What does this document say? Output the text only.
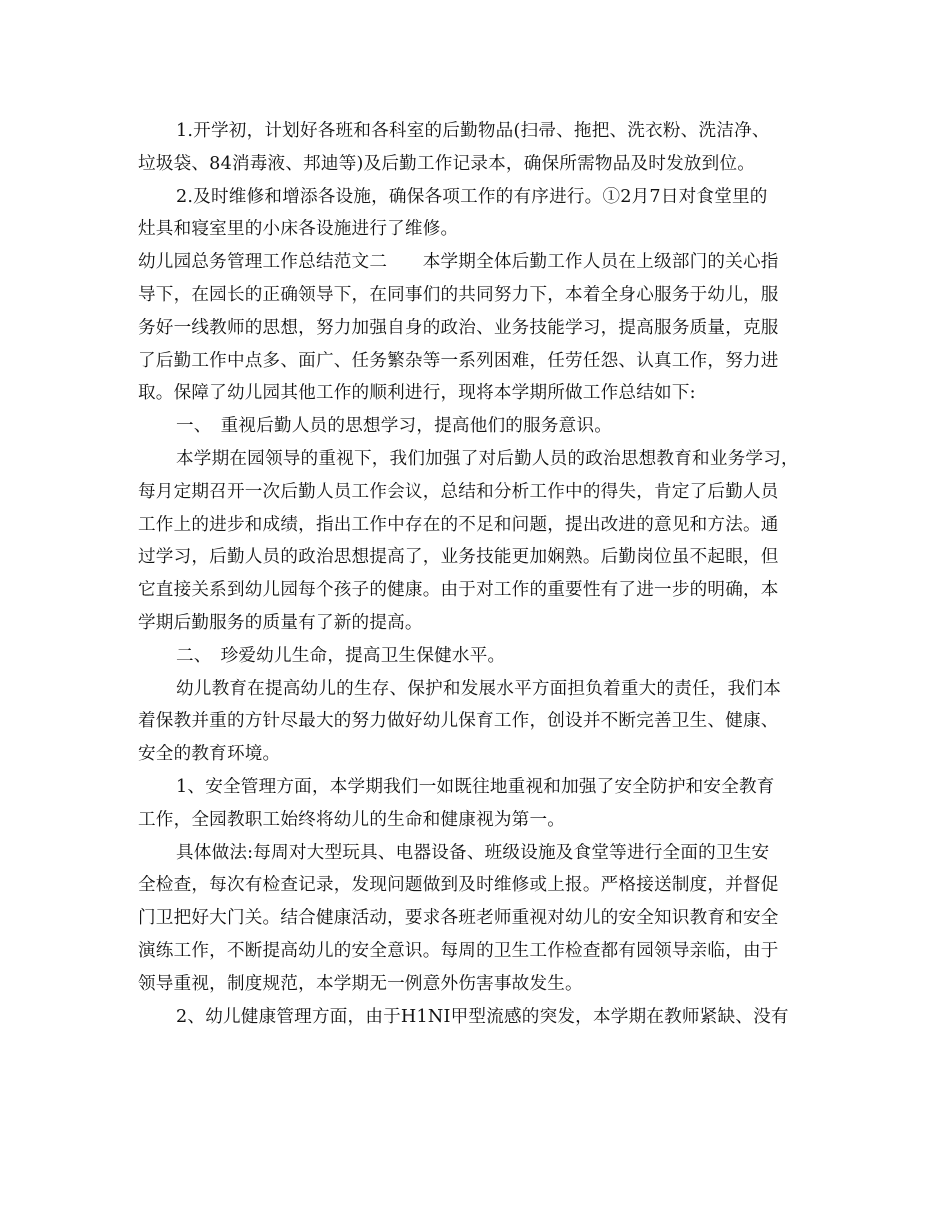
1.开学初，计划好各班和各科室的后勤物品(扫帚、拖把、洗衣粉、洗洁净、
垃圾袋、84消毒液、邦迪等)及后勤工作记录本，确保所需物品及时发放到位。
2.及时维修和增添各设施，确保各项工作的有序进行。①2月7日对食堂里的
灶具和寝室里的小床各设施进行了维修。
幼儿园总务管理工作总结范文二　　本学期全体后勤工作人员在上级部门的关心指
导下，在园长的正确领导下，在同事们的共同努力下，本着全身心服务于幼儿，服
务好一线教师的思想，努力加强自身的政治、业务技能学习，提高服务质量，克服
了后勤工作中点多、面广、任务繁杂等一系列困难，任劳任怨、认真工作，努力进
取。保障了幼儿园其他工作的顺利进行，现将本学期所做工作总结如下:
一、　重视后勤人员的思想学习，提高他们的服务意识。
本学期在园领导的重视下，我们加强了对后勤人员的政治思想教育和业务学习，
每月定期召开一次后勤人员工作会议，总结和分析工作中的得失，肯定了后勤人员
工作上的进步和成绩，指出工作中存在的不足和问题，提出改进的意见和方法。通
过学习，后勤人员的政治思想提高了，业务技能更加娴熟。后勤岗位虽不起眼，但
它直接关系到幼儿园每个孩子的健康。由于对工作的重要性有了进一步的明确，本
学期后勤服务的质量有了新的提高。
二、　珍爱幼儿生命，提高卫生保健水平。
幼儿教育在提高幼儿的生存、保护和发展水平方面担负着重大的责任，我们本
着保教并重的方针尽最大的努力做好幼儿保育工作，创设并不断完善卫生、健康、
安全的教育环境。
1、安全管理方面，本学期我们一如既往地重视和加强了安全防护和安全教育
工作，全园教职工始终将幼儿的生命和健康视为第一。
具体做法:每周对大型玩具、电器设备、班级设施及食堂等进行全面的卫生安
全检查，每次有检查记录，发现问题做到及时维修或上报。严格接送制度，并督促
门卫把好大门关。结合健康活动，要求各班老师重视对幼儿的安全知识教育和安全
演练工作，不断提高幼儿的安全意识。每周的卫生工作检查都有园领导亲临，由于
领导重视，制度规范，本学期无一例意外伤害事故发生。
2、幼儿健康管理方面，由于H1NI甲型流感的突发，本学期在教师紧缺、没有
